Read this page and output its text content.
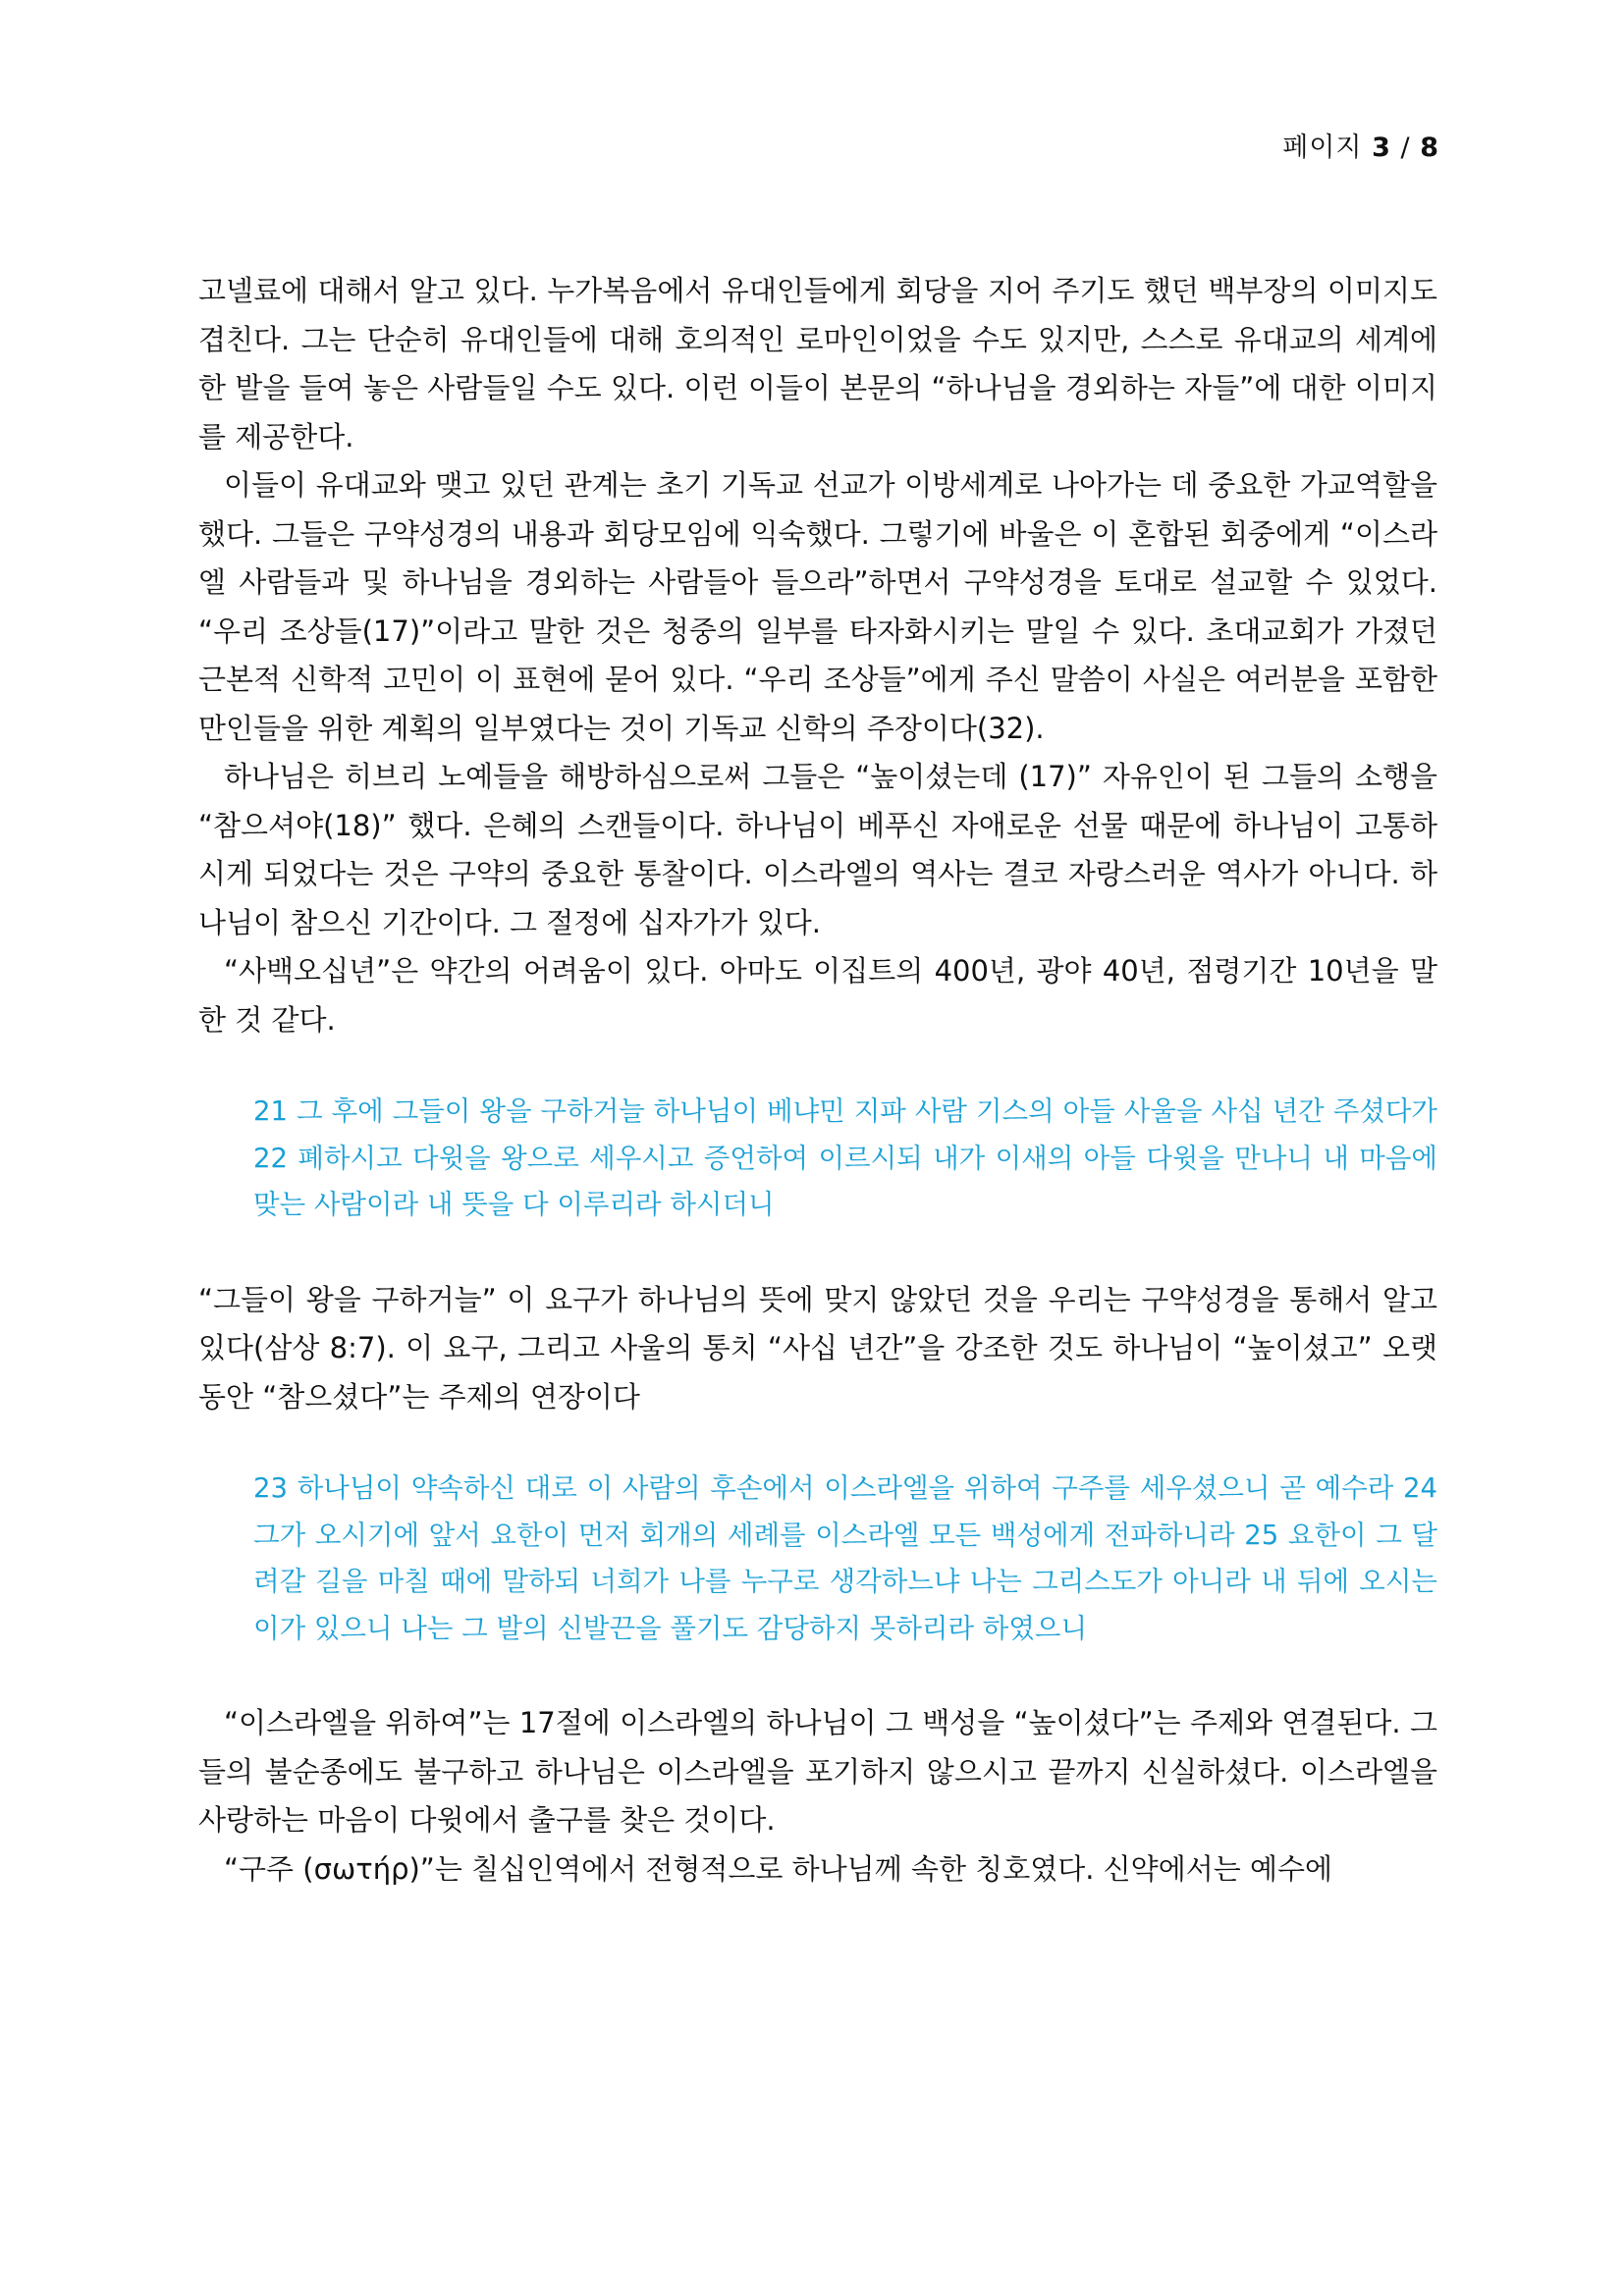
페이지 3 / 8

고넬료에 대해서 알고 있다. 누가복음에서 유대인들에게 회당을 지어 주기도 했던 백부장의 이미지도 겹친다. 그는 단순히 유대인들에 대해 호의적인 로마인이었을 수도 있지만, 스스로 유대교의 세계에 한 발을 들여 놓은 사람들일 수도 있다. 이런 이들이 본문의 “하나님을 경외하는 자들”에 대한 이미지를 제공한다.

이들이 유대교와 맺고 있던 관계는 초기 기독교 선교가 이방세계로 나아가는 데 중요한 가교역할을 했다. 그들은 구약성경의 내용과 회당모임에 익숙했다. 그렇기에 바울은 이 혼합된 회중에게 “이스라엘 사람들과 및 하나님을 경외하는 사람들아 들으라”하면서 구약성경을 토대로 설교할 수 있었다. “우리 조상들(17)”이라고 말한 것은 청중의 일부를 타자화시키는 말일 수 있다. 초대교회가 가졌던 근본적 신학적 고민이 이 표현에 묻어 있다. “우리 조상들”에게 주신 말씀이 사실은 여러분을 포함한 만인들을 위한 계획의 일부였다는 것이 기독교 신학의 주장이다(32).

하나님은 히브리 노예들을 해방하심으로써 그들은 “높이셨는데 (17)” 자유인이 된 그들의 소행을 “참으셔야(18)” 했다. 은혜의 스캔들이다. 하나님이 베푸신 자애로운 선물 때문에 하나님이 고통하시게 되었다는 것은 구약의 중요한 통찰이다. 이스라엘의 역사는 결코 자랑스러운 역사가 아니다. 하나님이 참으신 기간이다. 그 절정에 십자가가 있다.

“사백오십년”은 약간의 어려움이 있다. 아마도 이집트의 400년, 광야 40년, 점령기간 10년을 말한 것 같다.

21 그 후에 그들이 왕을 구하거늘 하나님이 베냐민 지파 사람 기스의 아들 사울을 사십 년간 주셨다가 22 폐하시고 다윗을 왕으로 세우시고 증언하여 이르시되 내가 이새의 아들 다윗을 만나니 내 마음에 맞는 사람이라 내 뜻을 다 이루리라 하시더니

“그들이 왕을 구하거늘” 이 요구가 하나님의 뜻에 맞지 않았던 것을 우리는 구약성경을 통해서 알고 있다(삼상 8:7). 이 요구, 그리고 사울의 통치 “사십 년간”을 강조한 것도 하나님이 “높이셨고” 오랫동안 “참으셨다”는 주제의 연장이다

23 하나님이 약속하신 대로 이 사람의 후손에서 이스라엘을 위하여 구주를 세우셨으니 곧 예수라 24 그가 오시기에 앞서 요한이 먼저 회개의 세례를 이스라엘 모든 백성에게 전파하니라 25 요한이 그 달려갈 길을 마칠 때에 말하되 너희가 나를 누구로 생각하느냐 나는 그리스도가 아니라 내 뒤에 오시는 이가 있으니 나는 그 발의 신발끈을 풀기도 감당하지 못하리라 하였으니

“이스라엘을 위하여”는 17절에 이스라엘의 하나님이 그 백성을 “높이셨다”는 주제와 연결된다. 그들의 불순종에도 불구하고 하나님은 이스라엘을 포기하지 않으시고 끝까지 신실하셨다. 이스라엘을 사랑하는 마음이 다윗에서 출구를 찾은 것이다.

“구주 (σωτήρ)”는 칠십인역에서 전형적으로 하나님께 속한 칭호였다. 신약에서는 예수에
